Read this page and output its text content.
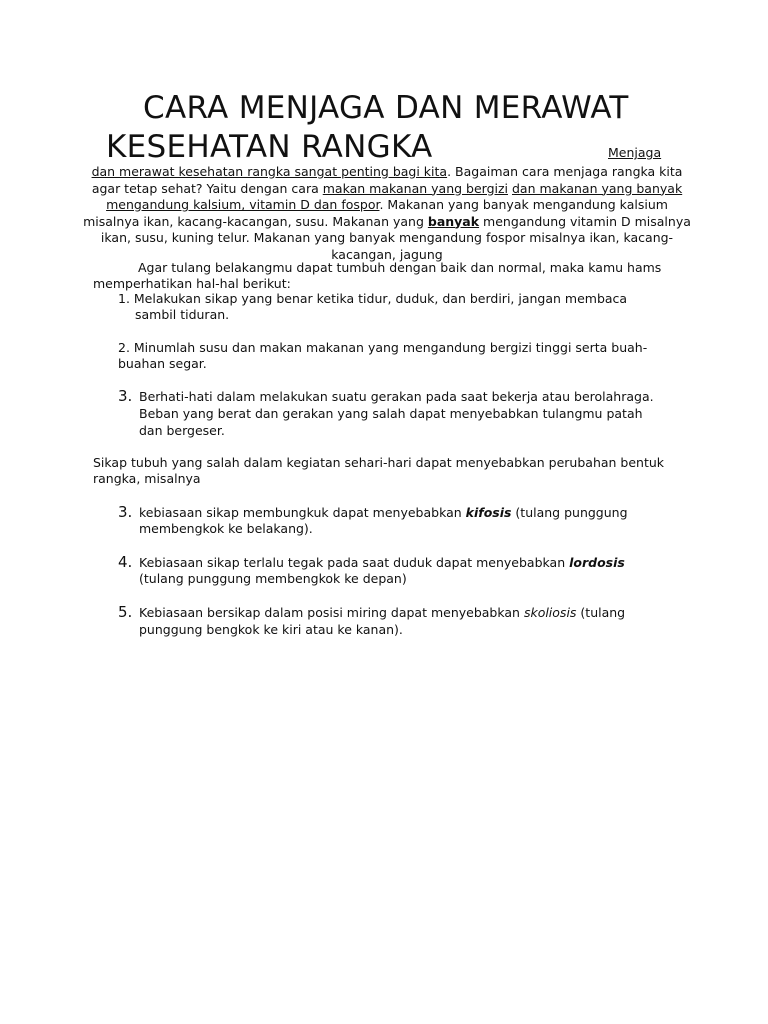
CARA MENJAGA DAN MERAWAT
KESEHATAN RANGKA	Menjaga
dan merawat kesehatan rangka sangat penting bagi kita. Bagaiman cara menjaga rangka kita agar tetap sehat? Yaitu dengan cara makan makanan yang bergizi dan makanan yang banyak mengandung kalsium, vitamin D dan fospor. Makanan yang banyak mengandung kalsium misalnya ikan, kacang-kacangan, susu. Makanan yang banyak mengandung vitamin D misalnya ikan, susu, kuning telur. Makanan yang banyak mengandung fospor misalnya ikan, kacang-kacangan, jagung
Agar tulang belakangmu dapat tumbuh dengan baik dan normal, maka kamu hams memperhatikan hal-hal berikut:
1. Melakukan sikap yang benar ketika tidur, duduk, dan berdiri, jangan membaca
sambil tiduran.
2. Minumlah susu dan makan makanan yang mengandung bergizi tinggi serta buah-
buahan segar.
3. Berhati-hati dalam melakukan suatu gerakan pada saat bekerja atau berolahraga.
Beban yang berat dan gerakan yang salah dapat menyebabkan tulangmu patah
dan bergeser.
Sikap tubuh yang salah dalam kegiatan sehari-hari dapat menyebabkan perubahan bentuk rangka, misalnya
3. kebiasaan sikap membungkuk dapat menyebabkan kifosis (tulang punggung
membengkok ke belakang).
4. Kebiasaan sikap terlalu tegak pada saat duduk dapat menyebabkan lordosis
(tulang punggung membengkok ke depan)
5. Kebiasaan bersikap dalam posisi miring dapat menyebabkan skoliosis (tulang
punggung bengkok ke kiri atau ke kanan).
